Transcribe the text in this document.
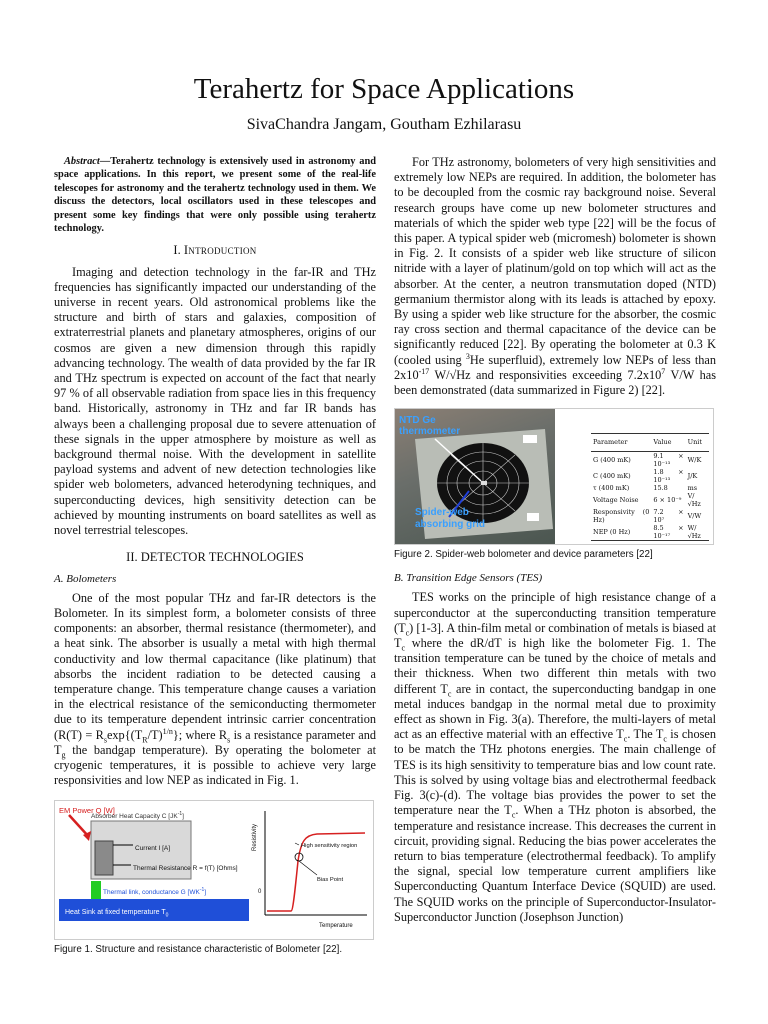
Terahertz for Space Applications
SivaChandra Jangam, Goutham Ezhilarasu

Abstract—Terahertz technology is extensively used in astronomy and space applications. In this report, we present some of the real-life telescopes for astronomy and the terahertz technology used in them. We discuss the detectors, local oscillators used in these telescopes and present some key findings that were only possible using terahertz technology.

I. Introduction

Imaging and detection technology in the far-IR and THz frequencies has significantly impacted our understanding of the universe in recent years. Old astronomical problems like the structure and birth of stars and galaxies, composition of extraterrestrial planets and planetary atmospheres, origins of our cosmos are given a new dimension through this rapidly advancing technology. The wealth of data provided by the far IR and THz spectrum is expected on account of the fact that nearly 97 % of all observable radiation from space lies in this frequency band. Historically, astronomy in THz and far IR bands has always been a challenging proposal due to severe attenuation of these signals in the upper atmosphere by moisture as well as background thermal noise. With the development in satellite payload systems and advent of new detection technologies like spider web bolometers, advanced heterodyning techniques, and superconducting devices, high sensitivity detection can be achieved by mounting instruments on board satellites as well as novel terrestrial telescopes.

II. DETECTOR TECHNOLOGIES
A. Bolometers

One of the most popular THz and far-IR detectors is the Bolometer. In its simplest form, a bolometer consists of three components: an absorber, thermal resistance (thermometer), and a heat sink. The absorber is usually a metal with high thermal conductivity and low thermal capacitance (like platinum) that absorbs the incident radiation to be detected causing a temperature change. This temperature change causes a variation in the electrical resistance of the semiconducting thermometer due to its temperature dependent intrinsic carrier concentration ($R(T) = R_s\exp\{(T_R/T)^{1/n}\}$; where $R_s$ is a resistance parameter and $T_g$ the bandgap temperature). By operating the bolometer at cryogenic temperatures, it is possible to achieve very large responsivities and low NEP as indicated in Fig. 1.

EM Power Q [W]
Absorber Heat Capacity C $[JK^{-1}]$
Current I [A]
Thermal Resistance R = f(T) [Ohms]
Thermal link, conductance G $[WK^{-1}]$
Heat Sink at fixed temperature $T_0$
Resistivity
0
High sensitivity region
Bias Point
Temperature
Figure 1. Structure and resistance characteristic of Bolometer [22].

For THz astronomy, bolometers of very high sensitivities and extremely low NEPs are required. In addition, the bolometer has to be decoupled from the cosmic ray background noise. Several research groups have come up new bolometer structures and materials of which the spider web type [22] will be the focus of this paper. A typical spider web (micromesh) bolometer is shown in Fig. 2. It consists of a spider web like structure of silicon nitride with a layer of platinum/gold on top which will act as the absorber. At the center, a neutron transmutation doped (NTD) germanium thermistor along with its leads is attached by epoxy. By using a spider web like structure for the absorber, the cosmic ray cross section and thermal capacitance of the device can be significantly reduced [22]. By operating the bolometer at 0.3 K (cooled using $^3$He superfluid), extremely low NEPs of less than $2x10^{-17}$ W/√Hz and responsivities exceeding $7.2x10^7$ V/W has been demonstrated (data summarized in Figure 2) [22].

NTD Ge
thermometer
Spider-web
absorbing grid
Parameter	Value	Unit
G (400 mK)	9.1 × 10⁻¹³	W/K
C (400 mK)	1.8 × 10⁻¹³	J/K
τ (400 mK)	15.8	ms
Voltage Noise	6 × 10⁻⁹	V/√Hz
Responsivity (0 Hz)	7.2 × 10⁷	V/W
NEP (0 Hz)	8.5 × 10⁻¹⁷	W/√Hz
Figure 2. Spider-web bolometer and device parameters [22]
B. Transition Edge Sensors (TES)

TES works on the principle of high resistance change of a superconductor at the superconducting transition temperature $(T_c)$ [1-3]. A thin-film metal or combination of metals is biased at $T_c$ where the dR/dT is high like the bolometer Fig. 1. The transition temperature can be tuned by the choice of metals and their thickness. When two different thin metals with two different $T_c$ are in contact, the superconducting bandgap in one metal induces bandgap in the normal metal due to proximity effect as shown in Fig. 3(a). Therefore, the multi-layers of metal act as an effective material with an effective $T_c$. The $T_c$ is chosen to be match the THz photons energies. The main challenge of TES is its high sensitivity to temperature bias and low count rate. This is solved by using voltage bias and electrothermal feedback Fig. 3(c)-(d). The voltage bias provides the power to set the temperature near the $T_c$. When a THz photon is absorbed, the temperature and resistance increase. This decreases the current in circuit, providing signal. Reducing the bias power accelerates the return to bias temperature (electrothermal feedback). To amplify the signal, special low temperature current amplifiers like Superconducting Quantum Interface Device (SQUID) are used. The SQUID works on the principle of Superconductor-Insulator-Superconductor Junction (Josephson Junction)
